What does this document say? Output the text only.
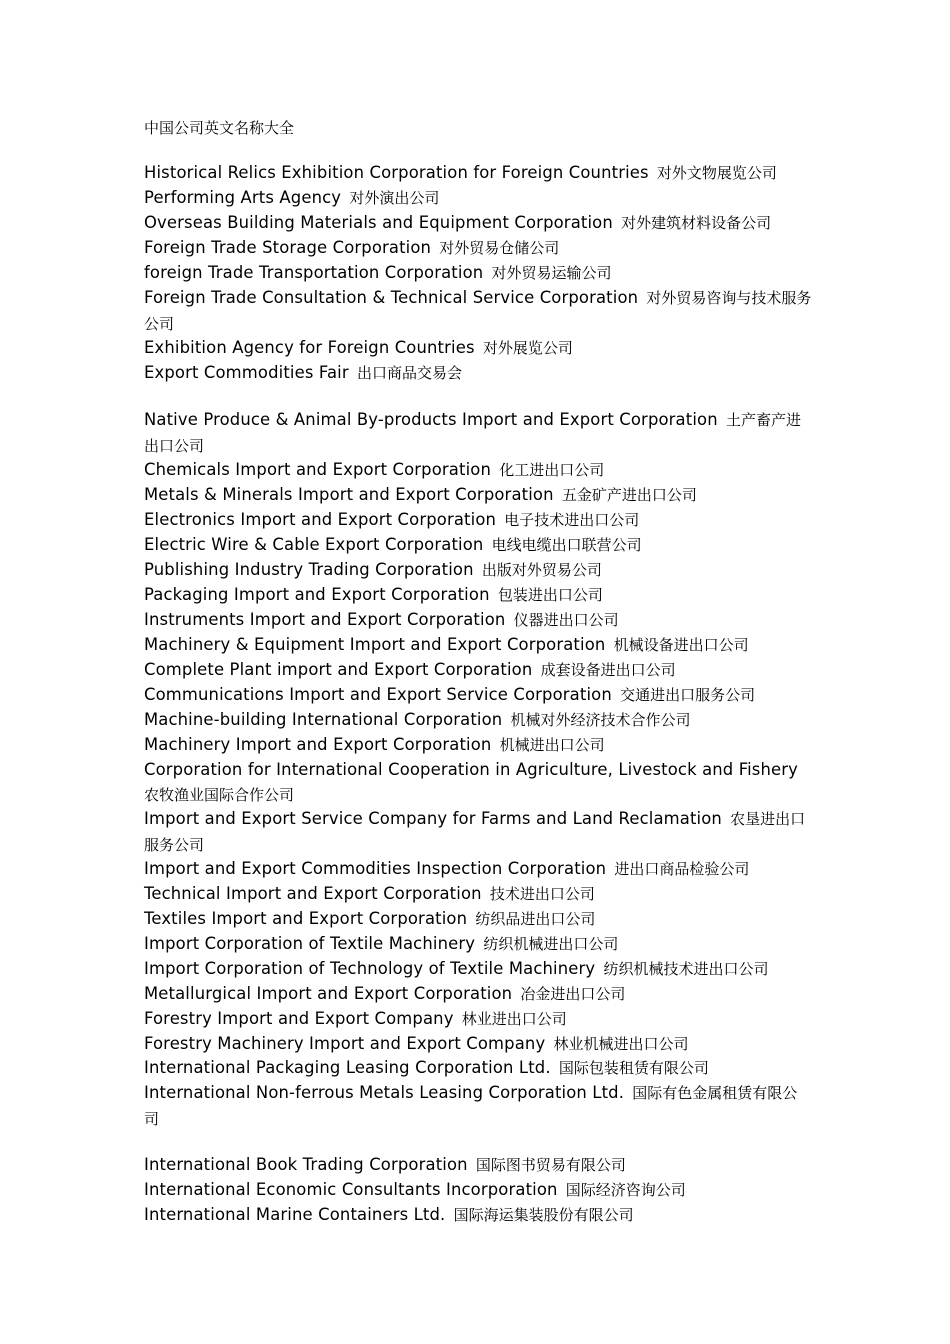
中国公司英文名称大全
Historical Relics Exhibition Corporation for Foreign Countries 对外文物展览公司
Performing Arts Agency 对外演出公司
Overseas Building Materials and Equipment Corporation 对外建筑材料设备公司
Foreign Trade Storage Corporation 对外贸易仓储公司
foreign Trade Transportation Corporation 对外贸易运输公司
Foreign Trade Consultation & Technical Service Corporation 对外贸易咨询与技术服务公司
Exhibition Agency for Foreign Countries 对外展览公司
Export Commodities Fair 出口商品交易会
Native Produce & Animal By-products Import and Export Corporation 土产畜产进出口公司
Chemicals Import and Export Corporation 化工进出口公司
Metals & Minerals Import and Export Corporation 五金矿产进出口公司
Electronics Import and Export Corporation 电子技术进出口公司
Electric Wire & Cable Export Corporation 电线电缆出口联营公司
Publishing Industry Trading Corporation 出版对外贸易公司
Packaging Import and Export Corporation 包装进出口公司
Instruments Import and Export Corporation 仪器进出口公司
Machinery & Equipment Import and Export Corporation 机械设备进出口公司
Complete Plant import and Export Corporation 成套设备进出口公司
Communications Import and Export Service Corporation 交通进出口服务公司
Machine-building International Corporation 机械对外经济技术合作公司
Machinery Import and Export Corporation 机械进出口公司
Corporation for International Cooperation in Agriculture, Livestock and Fishery  农牧渔业国际合作公司
Import and Export Service Company for Farms and Land Reclamation 农垦进出口服务公司
Import and Export Commodities Inspection Corporation 进出口商品检验公司
Technical Import and Export Corporation 技术进出口公司
Textiles Import and Export Corporation 纺织品进出口公司
Import Corporation of Textile Machinery 纺织机械进出口公司
Import Corporation of Technology of Textile Machinery 纺织机械技术进出口公司
Metallurgical Import and Export Corporation 冶金进出口公司
Forestry Import and Export Company 林业进出口公司
Forestry Machinery Import and Export Company 林业机械进出口公司
International Packaging Leasing Corporation Ltd. 国际包装租赁有限公司
International Non-ferrous Metals Leasing Corporation Ltd. 国际有色金属租赁有限公司
International Book Trading Corporation 国际图书贸易有限公司
International Economic Consultants Incorporation 国际经济咨询公司
International Marine Containers Ltd. 国际海运集装股份有限公司
